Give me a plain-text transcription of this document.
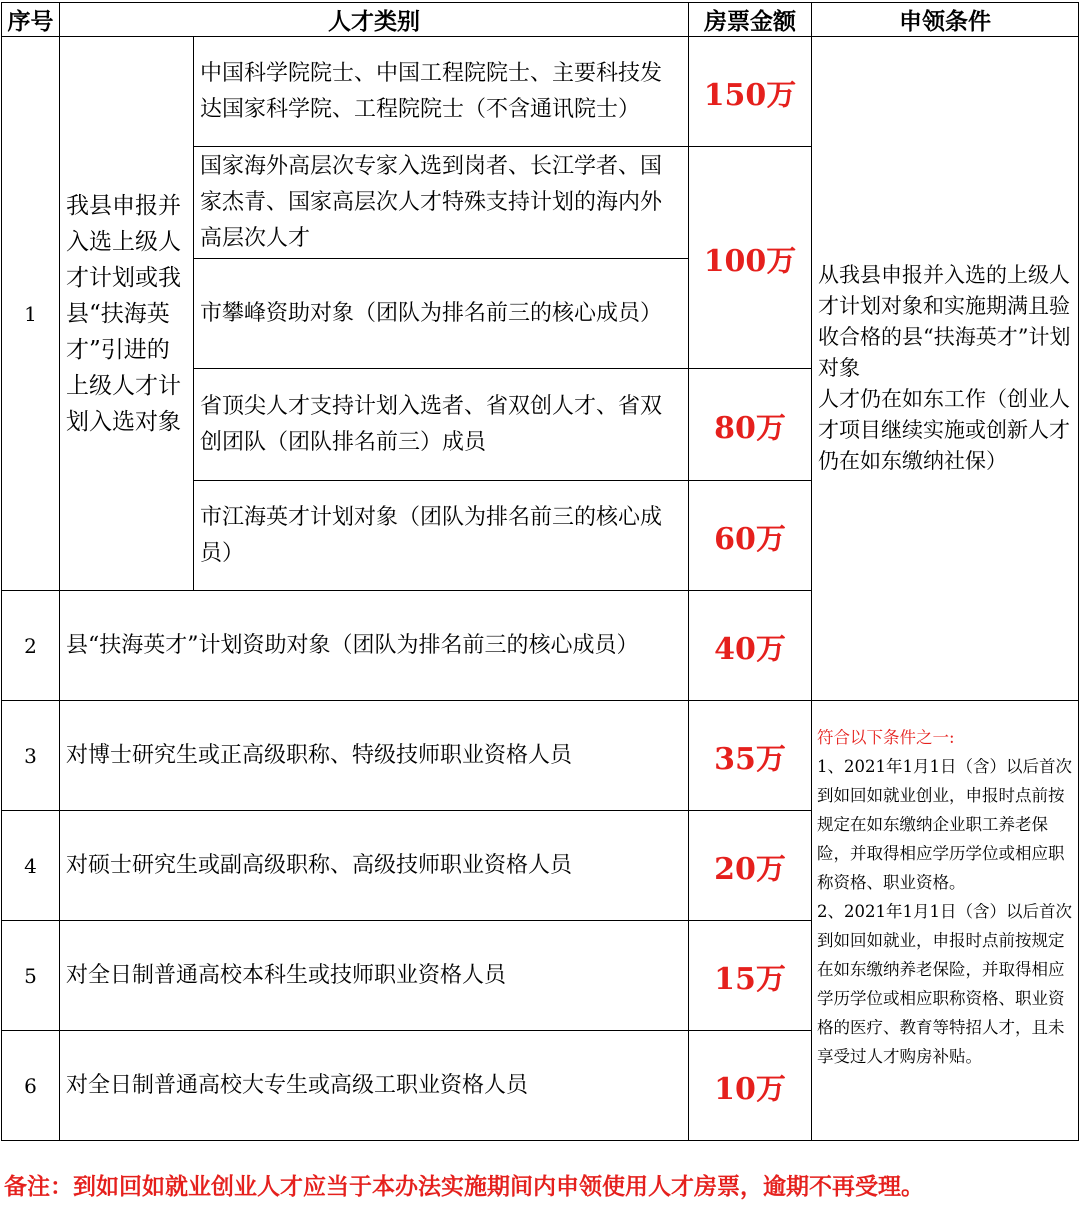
序号	人才类别		房票金额	申领条件
1	我县申报并入选上级人才计划或我县“扶海英才”引进的上级人才计划入选对象	中国科学院院士、中国工程院院士、主要科技发达国家科学院、工程院院士（不含通讯院士）	150万	从我县申报并入选的上级人才计划对象和实施期满且验收合格的县“扶海英才”计划对象
人才仍在如东工作（创业人才项目继续实施或创新人才仍在如东缴纳社保）

		国家海外高层次专家入选到岗者、长江学者、国家杰青、国家高层次人才特殊支持计划的海内外高层次人才	100万	
		市攀峰资助对象（团队为排名前三的核心成员）		
		省顶尖人才支持计划入选者、省双创人才、省双创团队（团队排名前三）成员	80万	
		市江海英才计划对象（团队为排名前三的核心成员）	60万	
2	县“扶海英才”计划资助对象（团队为排名前三的核心成员）		40万	
3	对博士研究生或正高级职称、特级技师职业资格人员		35万	符合以下条件之一:
1、2021年1月1日（含）以后首次到如回如就业创业，申报时点前按规定在如东缴纳企业职工养老保险，并取得相应学历学位或相应职称资格、职业资格。
2、2021年1月1日（含）以后首次到如回如就业，申报时点前按规定在如东缴纳养老保险，并取得相应学历学位或相应职称资格、职业资格的医疗、教育等特招人才，且未享受过人才购房补贴。

4	对硕士研究生或副高级职称、高级技师职业资格人员		20万	
5	对全日制普通高校本科生或技师职业资格人员		15万	
6	对全日制普通高校大专生或高级工职业资格人员		10万	
备注：到如回如就业创业人才应当于本办法实施期间内申领使用人才房票，逾期不再受理。
